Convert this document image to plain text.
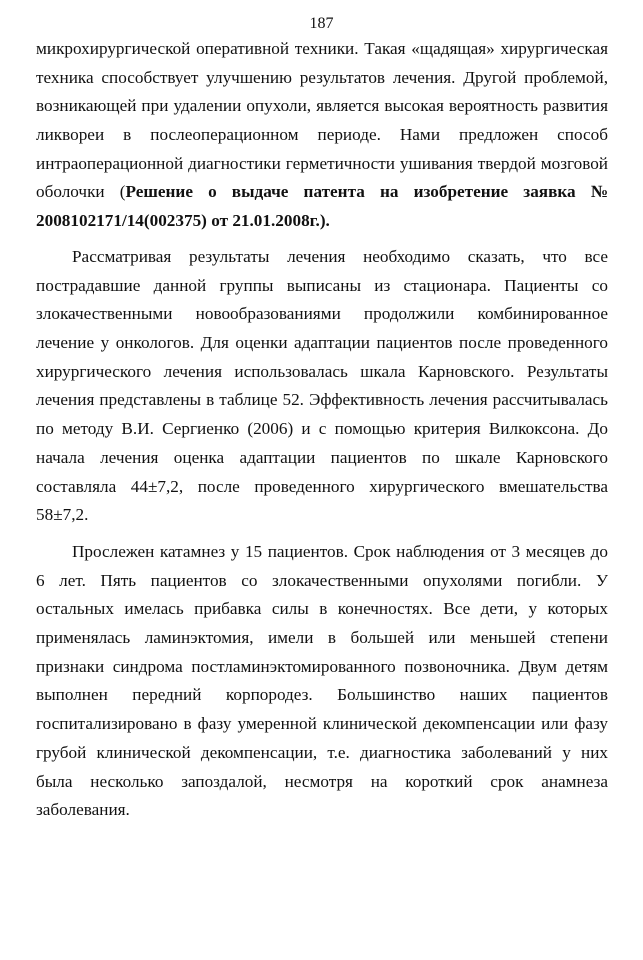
187
микрохирургической оперативной техники. Такая «щадящая» хирургическая
техника способствует улучшению результатов лечения. Другой проблемой,
возникающей при удалении опухоли, является высокая вероятность развития
ликвореи в послеоперационном периоде. Нами предложен способ
интраоперационной диагностики герметичности ушивания твердой мозговой
оболочки (Решение о выдаче патента на изобретение заявка №
2008102171/14(002375) от 21.01.2008г.).
Рассматривая результаты лечения необходимо сказать, что все
пострадавшие данной группы выписаны из стационара. Пациенты со
злокачественными новообразованиями продолжили комбинированное
лечение у онкологов. Для оценки адаптации пациентов после проведенного
хирургического лечения использовалась шкала Карновского. Результаты
лечения представлены в таблице 52. Эффективность лечения рассчитывалась
по методу В.И. Сергиенко (2006) и с помощью критерия Вилкоксона. До
начала лечения оценка адаптации пациентов по шкале Карновского
составляла 44±7,2, после проведенного хирургического вмешательства
58±7,2.
Прослежен катамнез у 15 пациентов. Срок наблюдения от 3 месяцев до
6 лет. Пять пациентов со злокачественными опухолями погибли. У
остальных имелась прибавка силы в конечностях. Все дети, у которых
применялась ламинэктомия, имели в большей или меньшей степени
признаки синдрома постламинэктомированного позвоночника. Двум детям
выполнен передний корпородез. Большинство наших пациентов
госпитализировано в фазу умеренной клинической декомпенсации или фазу
грубой клинической декомпенсации, т.е. диагностика заболеваний у них
была несколько запоздалой, несмотря на короткий срок анамнеза
заболевания.
